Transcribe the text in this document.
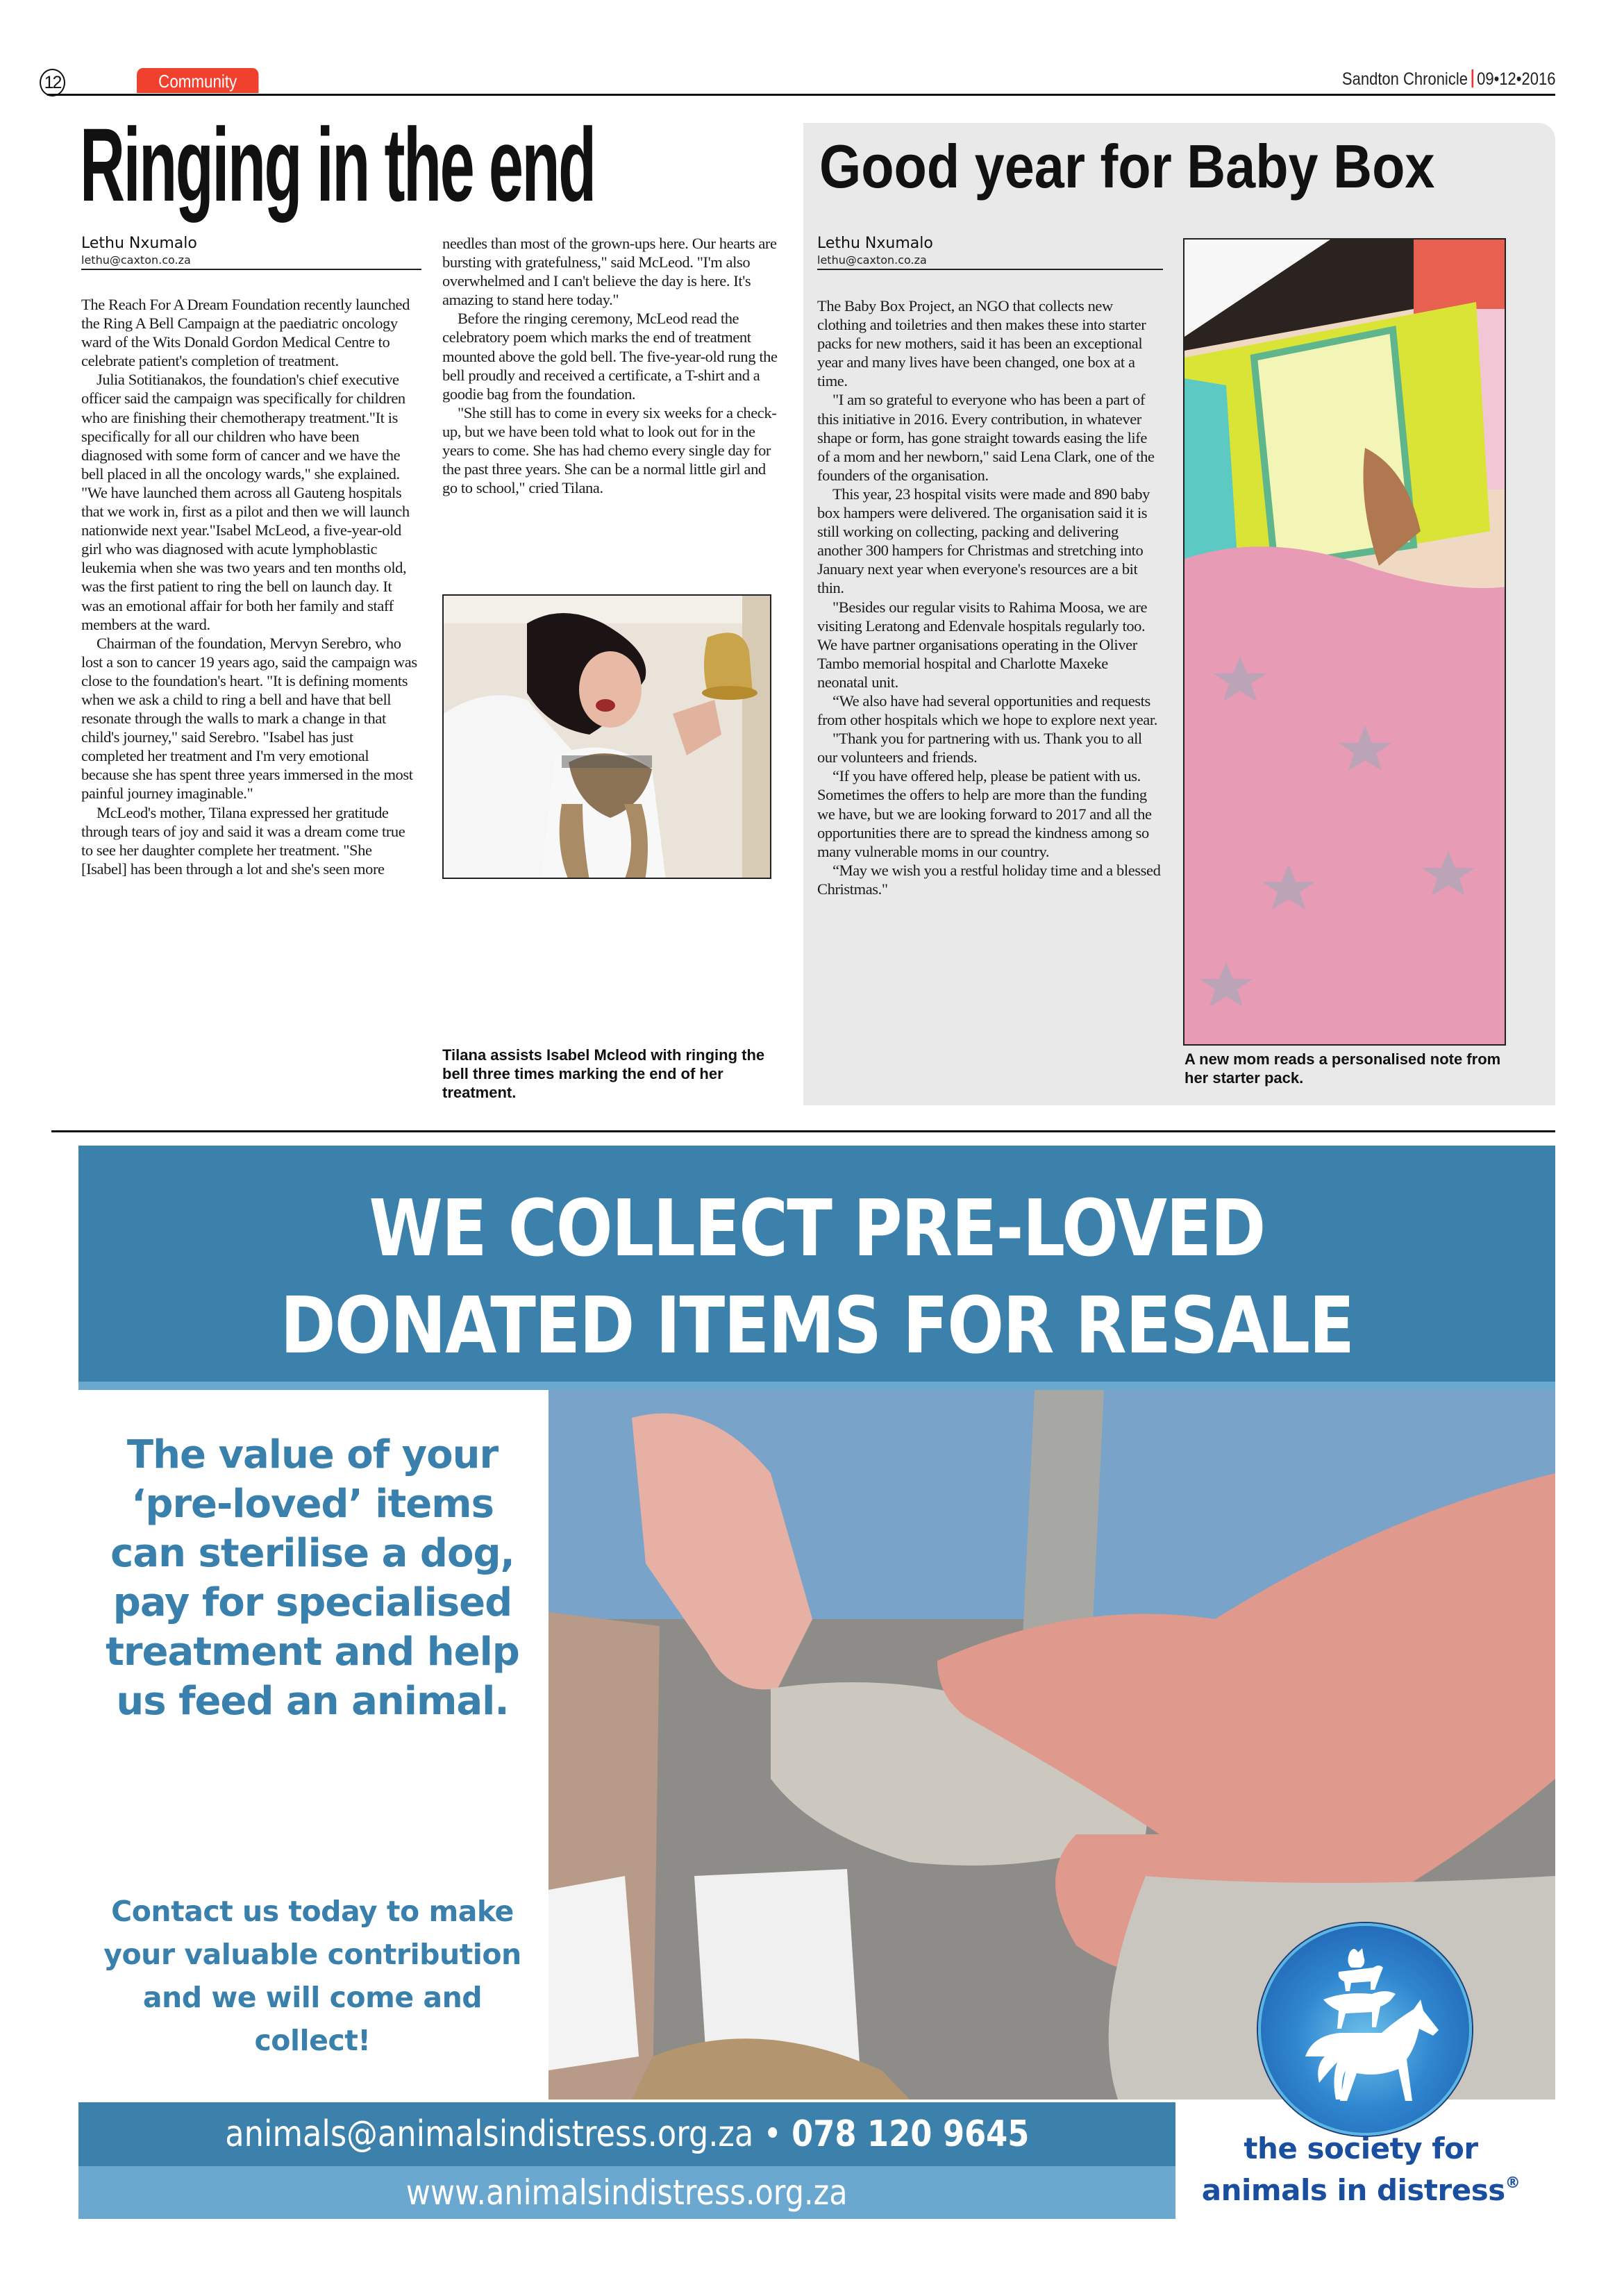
12	Community	Sandton Chronicle 09•12•2016
Ringing in the end
Lethu Nxumalo
lethu@caxton.co.za

The Reach For A Dream Foundation recently launched the Ring A Bell Campaign at the paediatric oncology ward of the Wits Donald Gordon Medical Centre to celebrate patient's completion of treatment.

Julia Sotitianakos, the foundation's chief executive officer said the campaign was specifically for children who are finishing their chemotherapy treatment."It is specifically for all our children who have been diagnosed with some form of cancer and we have the bell placed in all the oncology wards," she explained. "We have launched them across all Gauteng hospitals that we work in, first as a pilot and then we will launch nationwide next year."Isabel McLeod, a five-year-old girl who was diagnosed with acute lymphoblastic leukemia when she was two years and ten months old, was the first patient to ring the bell on launch day. It was an emotional affair for both her family and staff members at the ward.

Chairman of the foundation, Mervyn Serebro, who lost a son to cancer 19 years ago, said the campaign was close to the foundation's heart. "It is defining moments when we ask a child to ring a bell and have that bell resonate through the walls to mark a change in that child's journey," said Serebro. "Isabel has just completed her treatment and I'm very emotional because she has spent three years immersed in the most painful journey imaginable."

McLeod's mother, Tilana expressed her gratitude through tears of joy and said it was a dream come true to see her daughter complete her treatment. "She [Isabel] has been through a lot and she's seen more

needles than most of the grown-ups here. Our hearts are bursting with gratefulness," said McLeod. "I'm also overwhelmed and I can't believe the day is here. It's amazing to stand here today."

Before the ringing ceremony, McLeod read the celebratory poem which marks the end of treatment mounted above the gold bell. The five-year-old rung the bell proudly and received a certificate, a T-shirt and a goodie bag from the foundation.

"She still has to come in every six weeks for a check-up, but we have been told what to look out for in the years to come. She has had chemo every single day for the past three years. She can be a normal little girl and go to school," cried Tilana.

Tilana assists Isabel Mcleod with ringing the bell three times marking the end of her treatment.
Good year for Baby Box
Lethu Nxumalo
lethu@caxton.co.za

The Baby Box Project, an NGO that collects new clothing and toiletries and then makes these into starter packs for new mothers, said it has been an exceptional year and many lives have been changed, one box at a time.

"I am so grateful to everyone who has been a part of this initiative in 2016. Every contribution, in whatever shape or form, has gone straight towards easing the life of a mom and her newborn," said Lena Clark, one of the founders of the organisation.

This year, 23 hospital visits were made and 890 baby box hampers were delivered. The organisation said it is still working on collecting, packing and delivering another 300 hampers for Christmas and stretching into January next year when everyone's resources are a bit thin.

"Besides our regular visits to Rahima Moosa, we are visiting Leratong and Edenvale hospitals regularly too. We have partner organisations operating in the Oliver Tambo memorial hospital and Charlotte Maxeke neonatal unit.

“We also have had several opportunities and requests from other hospitals which we hope to explore next year.

"Thank you for partnering with us. Thank you to all our volunteers and friends.

“If you have offered help, please be patient with us. Sometimes the offers to help are more than the funding we have, but we are looking forward to 2017 and all the opportunities there are to spread the kindness among so many vulnerable moms in our country.

“May we wish you a restful holiday time and a blessed Christmas."

A new mom reads a personalised note from her starter pack.
WE COLLECT PRE-LOVED
DONATED ITEMS FOR RESALE
The value of your ‘pre-loved’ items can sterilise a dog, pay for specialised treatment and help us feed an animal.
Contact us today to make your valuable contribution and we will come and collect!
animals@animalsindistress.org.za • 078 120 9645
www.animalsindistress.org.za
the society for
animals in distress®
